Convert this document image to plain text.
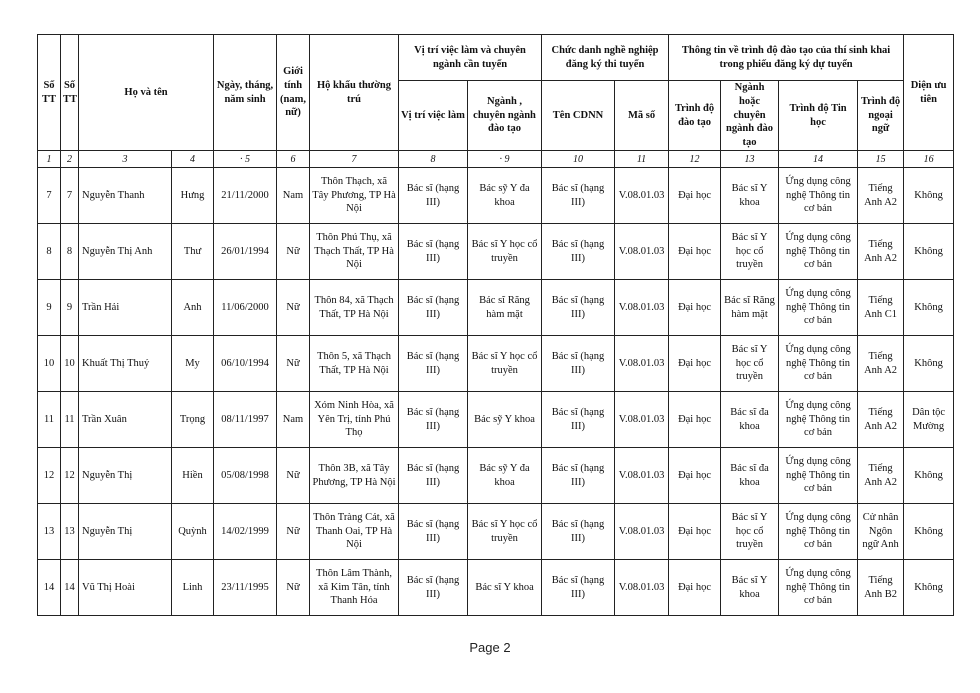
Số TT	Số TT	Họ và tên		Ngày, tháng, năm sinh	Giới tính (nam, nữ)	Hộ khẩu thường trú	Vị trí việc làm và chuyên ngành cần tuyển		Chức danh nghề nghiệp đăng ký thi tuyển		Thông tin về trình độ đào tạo của thí sinh khai trong phiếu đăng ký dự tuyển				Diện ưu tiên
							Vị trí việc làm	Ngành , chuyên ngành đào tạo	Tên CDNN	Mã số	Trình độ đào tạo	Ngành hoặc chuyên ngành đào tạo	Trình độ Tin học	Trình độ ngoại ngữ	
1	2	3	4	· 5	6	7	8	· 9	10	11	12	13	14	15	16
7	7	Nguyễn Thanh	Hưng	21/11/2000	Nam	Thôn Thạch, xã Tây Phương, TP Hà Nội	Bác sĩ (hạng III)	Bác sỹ Y đa khoa	Bác sĩ (hạng III)	V.08.01.03	Đại học	Bác sĩ Y khoa	Ứng dụng công nghệ Thông tin cơ bản	Tiếng Anh A2	Không
8	8	Nguyễn Thị Anh	Thư	26/01/1994	Nữ	Thôn Phú Thụ, xã Thạch Thất, TP Hà Nội	Bác sĩ (hạng III)	Bác sĩ Y học cổ truyền	Bác sĩ (hạng III)	V.08.01.03	Đại học	Bác sĩ Y học cổ truyền	Ứng dụng công nghệ Thông tin cơ bản	Tiếng Anh A2	Không
9	9	Trần Hải	Anh	11/06/2000	Nữ	Thôn 84, xã Thạch Thất, TP Hà Nội	Bác sĩ (hạng III)	Bác sĩ Răng hàm mặt	Bác sĩ (hạng III)	V.08.01.03	Đại học	Bác sĩ Răng hàm mặt	Ứng dụng công nghệ Thông tin cơ bản	Tiếng Anh C1	Không
10	10	Khuất Thị Thuý	My	06/10/1994	Nữ	Thôn 5, xã Thạch Thất, TP Hà Nội	Bác sĩ (hạng III)	Bác sĩ Y học cổ truyền	Bác sĩ (hạng III)	V.08.01.03	Đại học	Bác sĩ Y học cổ truyền	Ứng dụng công nghệ Thông tin cơ bản	Tiếng Anh A2	Không
11	11	Trần Xuân	Trọng	08/11/1997	Nam	Xóm Ninh Hòa, xã Yên Trị, tỉnh Phú Thọ	Bác sĩ (hạng III)	Bác sỹ Y khoa	Bác sĩ (hạng III)	V.08.01.03	Đại học	Bác sĩ đa khoa	Ứng dụng công nghệ Thông tin cơ bản	Tiếng Anh A2	Dân tộc Mường
12	12	Nguyễn Thị	Hiền	05/08/1998	Nữ	Thôn 3B, xã Tây Phương, TP Hà Nội	Bác sĩ (hạng III)	Bác sỹ Y đa khoa	Bác sĩ (hạng III)	V.08.01.03	Đại học	Bác sĩ đa khoa	Ứng dụng công nghệ Thông tin cơ bản	Tiếng Anh A2	Không
13	13	Nguyễn Thị	Quỳnh	14/02/1999	Nữ	Thôn Tràng Cát, xã Thanh Oai, TP Hà Nội	Bác sĩ (hạng III)	Bác sĩ Y học cổ truyền	Bác sĩ (hạng III)	V.08.01.03	Đại học	Bác sĩ Y học cổ truyền	Ứng dụng công nghệ Thông tin cơ bản	Cử nhân Ngôn ngữ Anh	Không
14	14	Vũ Thị Hoài	Linh	23/11/1995	Nữ	Thôn Lâm Thành, xã Kim Tân, tỉnh Thanh Hóa	Bác sĩ (hạng III)	Bác sĩ Y khoa	Bác sĩ (hạng III)	V.08.01.03	Đại học	Bác sĩ Y khoa	Ứng dụng công nghệ Thông tin cơ bản	Tiếng Anh B2	Không
Page 2
